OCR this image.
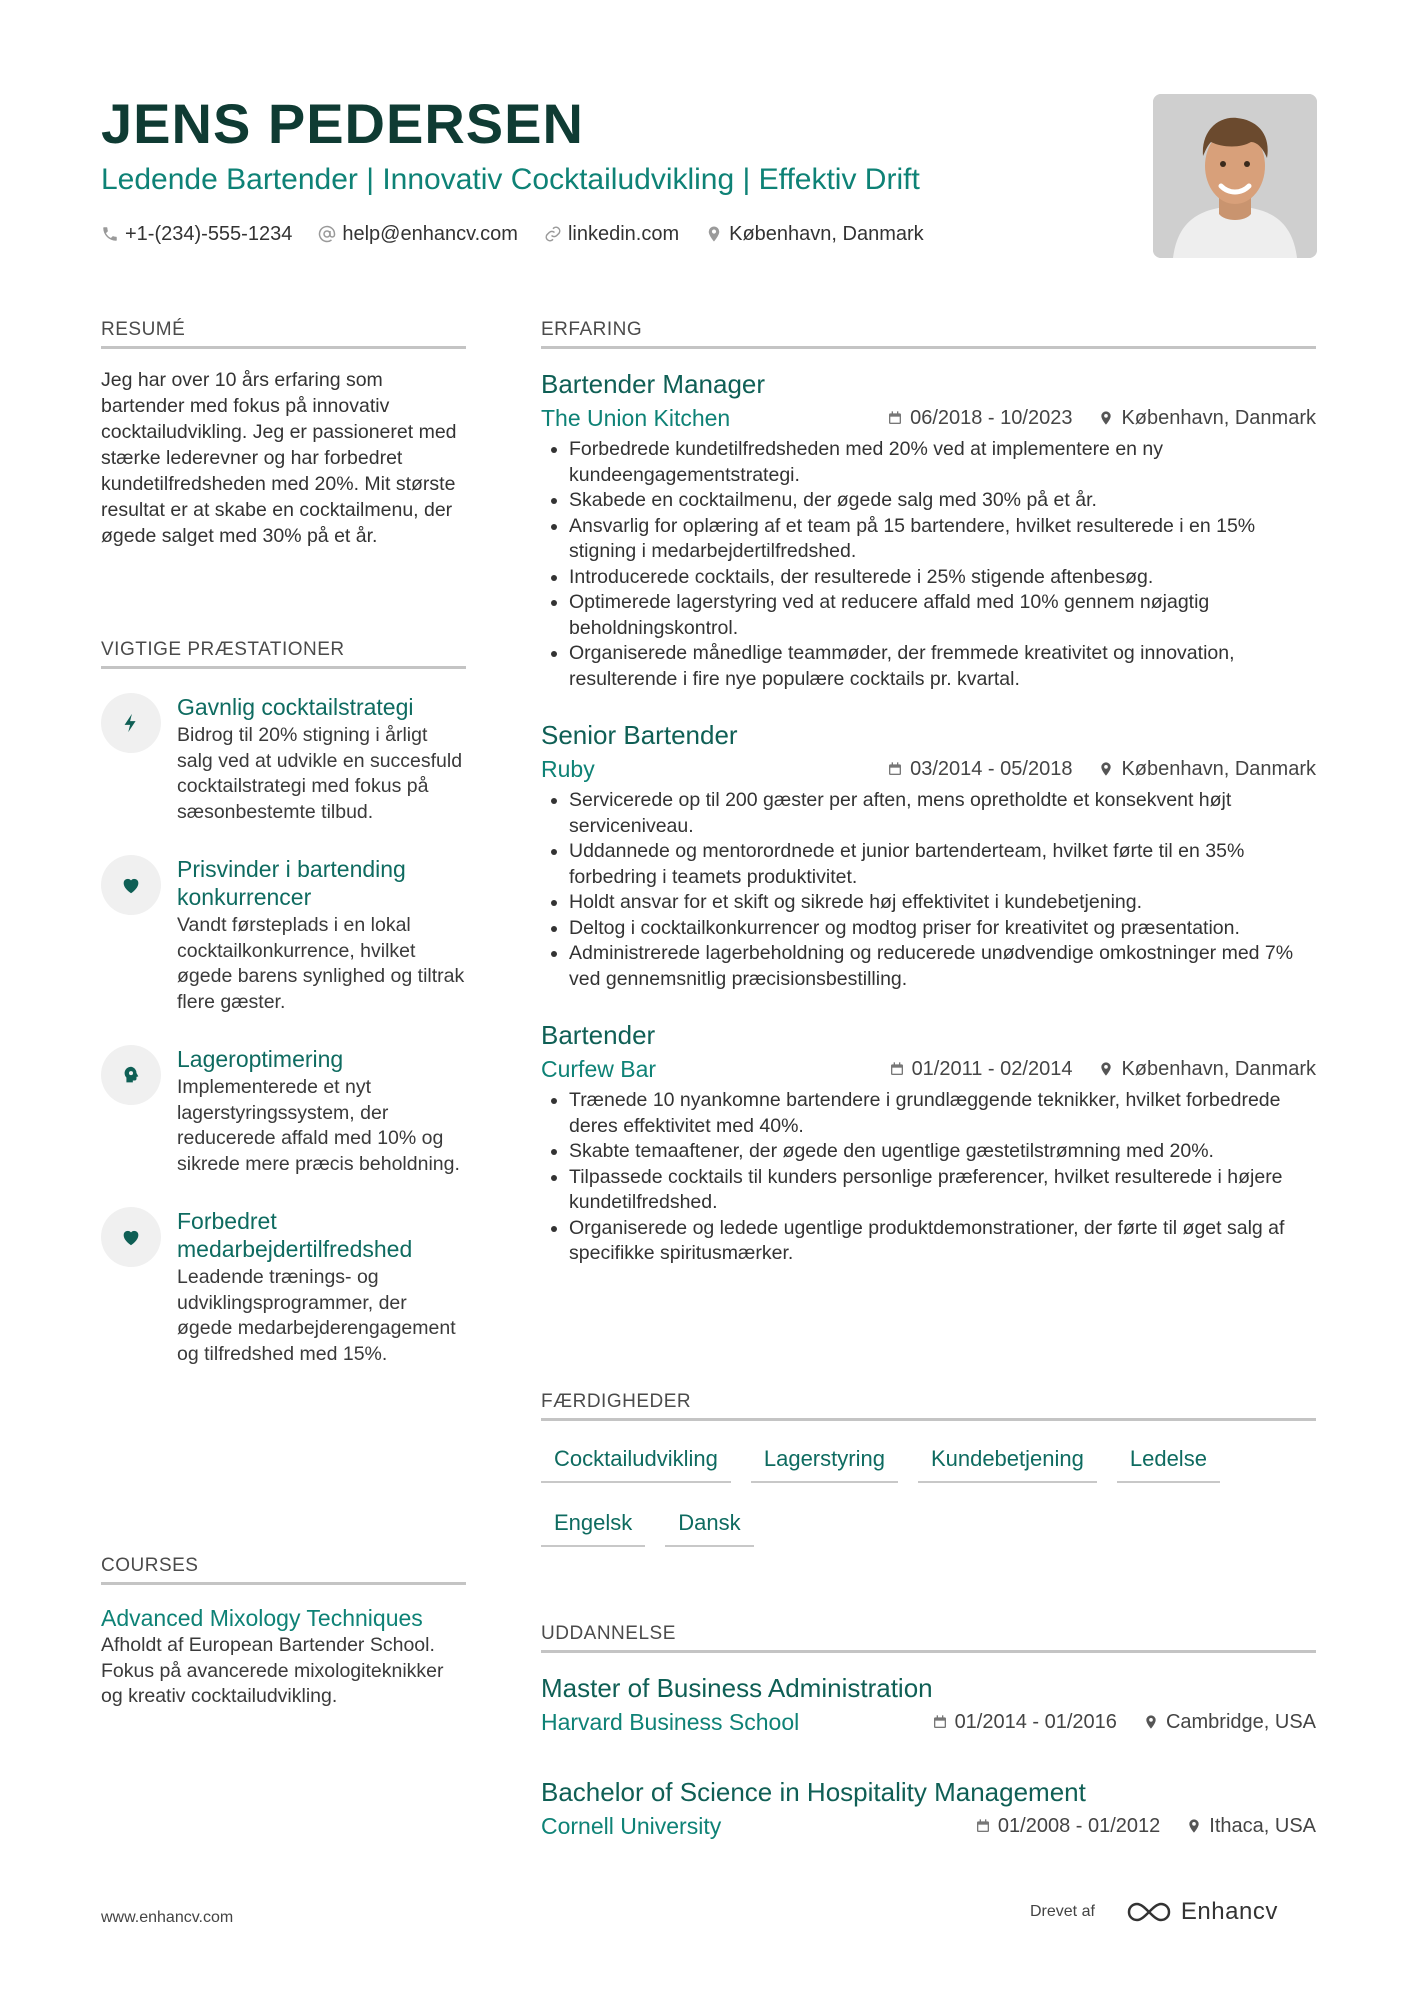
JENS PEDERSEN
Ledende Bartender | Innovativ Cocktailudvikling | Effektiv Drift
+1-(234)-555-1234	help@enhancv.com	linkedin.com	København, Danmark
RESUMÉ
Jeg har over 10 års erfaring som bartender med fokus på innovativ cocktailudvikling. Jeg er passioneret med stærke lederevner og har forbedret kundetilfredsheden med 20%. Mit største resultat er at skabe en cocktailmenu, der øgede salget med 30% på et år.
VIGTIGE PRÆSTATIONER
Gavnlig cocktailstrategi
Bidrog til 20% stigning i årligt salg ved at udvikle en succesfuld cocktailstrategi med fokus på sæsonbestemte tilbud.
Prisvinder i bartending konkurrencer
Vandt førsteplads i en lokal cocktailkonkurrence, hvilket øgede barens synlighed og tiltrak flere gæster.
Lageroptimering
Implementerede et nyt lagerstyringssystem, der reducerede affald med 10% og sikrede mere præcis beholdning.
Forbedret medarbejdertilfredshed
Leadende trænings- og udviklingsprogrammer, der øgede medarbejderengagement og tilfredshed med 15%.
COURSES
Advanced Mixology Techniques
Afholdt af European Bartender School. Fokus på avancerede mixologiteknikker og kreativ cocktailudvikling.
ERFARING
Bartender Manager
The Union Kitchen	06/2018 - 10/2023 København, Danmark
• Forbedrede kundetilfredsheden med 20% ved at implementere en ny kundeengagementstrategi.
• Skabede en cocktailmenu, der øgede salg med 30% på et år.
• Ansvarlig for oplæring af et team på 15 bartendere, hvilket resulterede i en 15% stigning i medarbejdertilfredshed.
• Introducerede cocktails, der resulterede i 25% stigende aftenbesøg.
• Optimerede lagerstyring ved at reducere affald med 10% gennem nøjagtig beholdningskontrol.
• Organiserede månedlige teammøder, der fremmede kreativitet og innovation, resulterende i fire nye populære cocktails pr. kvartal.
Senior Bartender
Ruby	03/2014 - 05/2018 København, Danmark
• Servicerede op til 200 gæster per aften, mens opretholdte et konsekvent højt serviceniveau.
• Uddannede og mentorordnede et junior bartenderteam, hvilket førte til en 35% forbedring i teamets produktivitet.
• Holdt ansvar for et skift og sikrede høj effektivitet i kundebetjening.
• Deltog i cocktailkonkurrencer og modtog priser for kreativitet og præsentation.
• Administrerede lagerbeholdning og reducerede unødvendige omkostninger med 7% ved gennemsnitlig præcisionsbestilling.
Bartender
Curfew Bar	01/2011 - 02/2014 København, Danmark
• Trænede 10 nyankomne bartendere i grundlæggende teknikker, hvilket forbedrede deres effektivitet med 40%.
• Skabte temaaftener, der øgede den ugentlige gæstetilstrømning med 20%.
• Tilpassede cocktails til kunders personlige præferencer, hvilket resulterede i højere kundetilfredshed.
• Organiserede og ledede ugentlige produktdemonstrationer, der førte til øget salg af specifikke spiritusmærker.
FÆRDIGHEDER
Cocktailudvikling	Lagerstyring	Kundebetjening	Ledelse
Engelsk	Dansk
UDDANNELSE
Master of Business Administration
Harvard Business School	01/2014 - 01/2016 Cambridge, USA
Bachelor of Science in Hospitality Management
Cornell University	01/2008 - 01/2012 Ithaca, USA
www.enhancv.com	Drevet af	Enhancv
